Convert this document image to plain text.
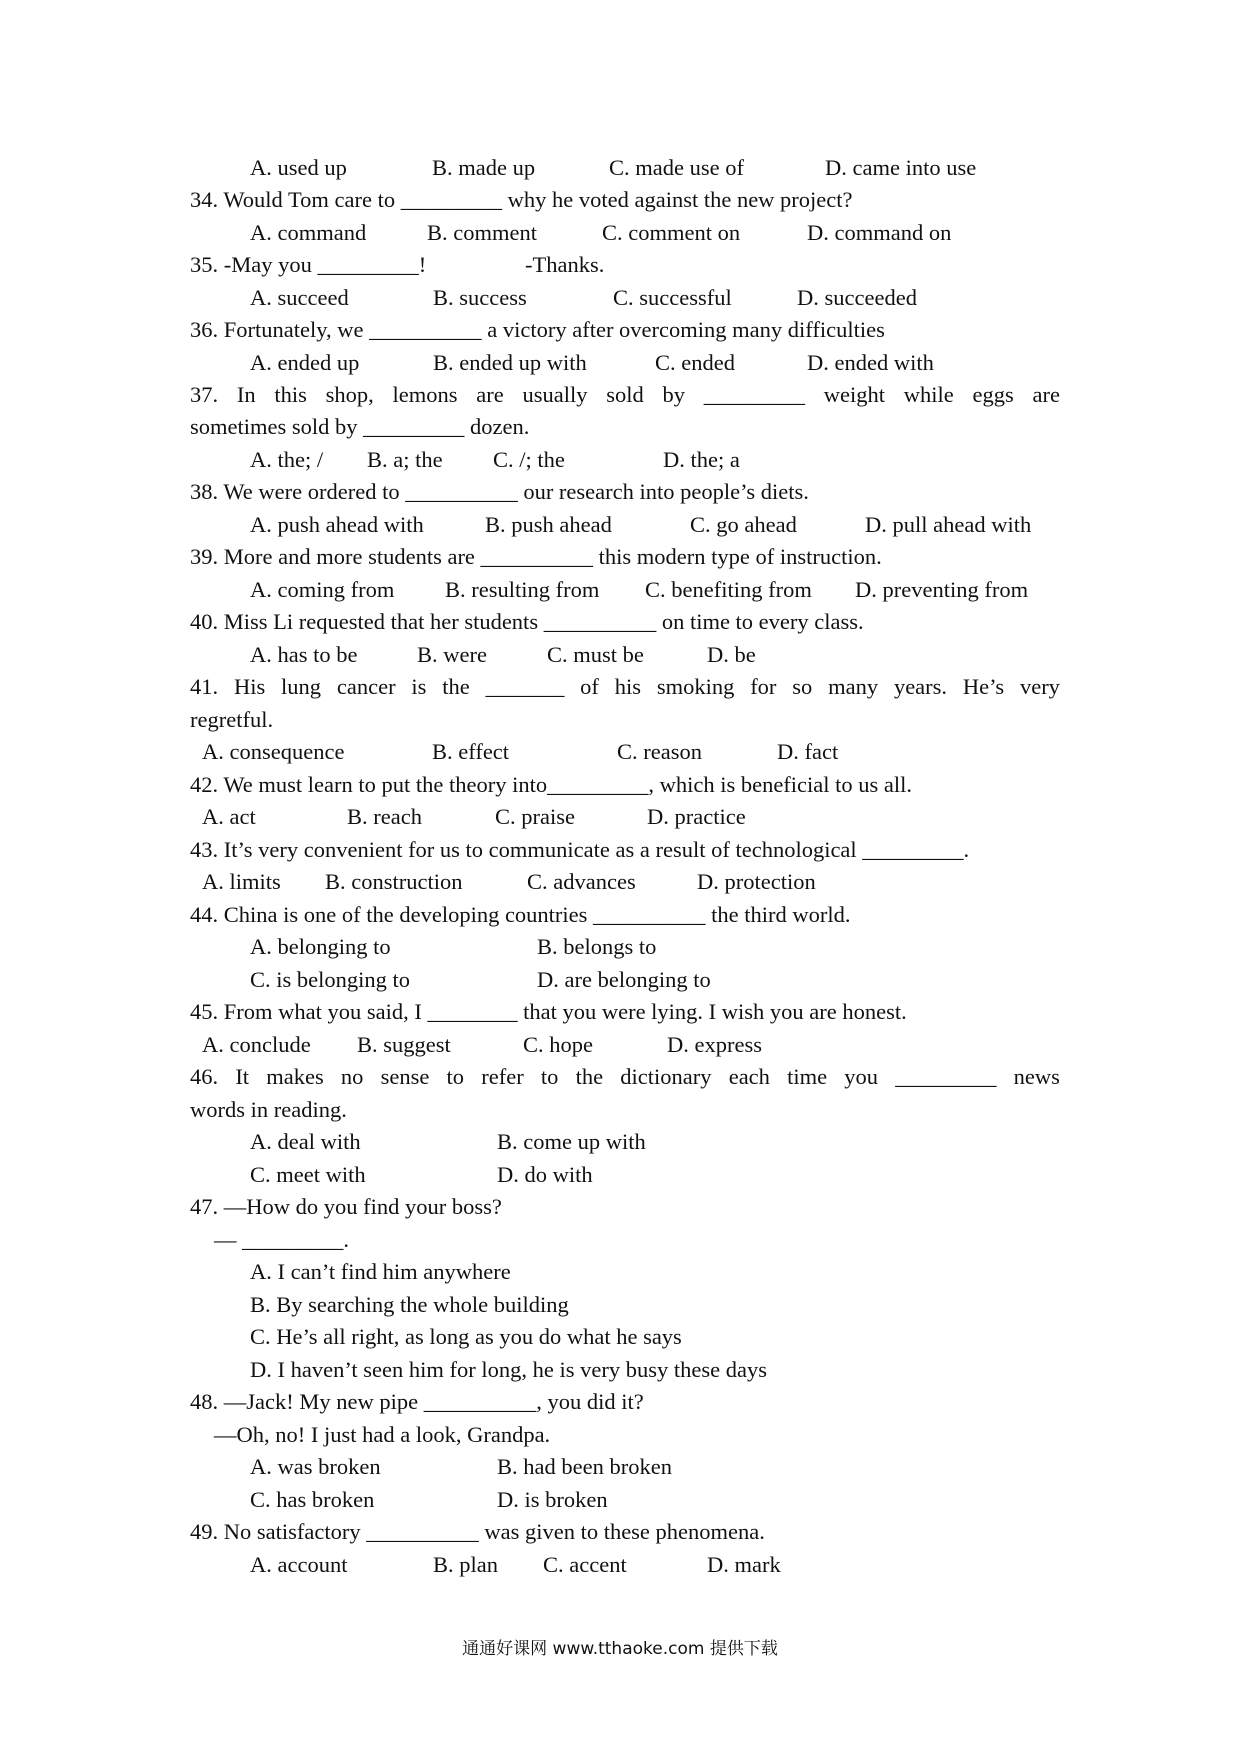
A. used up	B. made up	C. made use of	D. came into use
34. Would Tom care to _________ why he voted against the new project?
A. command	B. comment	C. comment on	D. command on
35. -May you _________!	-Thanks.
A. succeed	B. success	C. successful	D. succeeded
36. Fortunately, we __________ a victory after overcoming many difficulties
A. ended up	B. ended up with	C. ended	D. ended with
37. In this shop, lemons are usually sold by _________ weight while eggs are
sometimes sold by _________ dozen.
A. the; / B. a; the C. /; the	D. the; a
38. We were ordered to __________ our research into people’s diets.
A. push ahead with	B. push ahead	C. go ahead	D. pull ahead with
39. More and more students are __________ this modern type of instruction.
A. coming from B. resulting from C. benefiting from D. preventing from
40. Miss Li requested that her students __________ on time to every class.
A. has to be	B. were	C. must be	D. be
41. His lung cancer is the _______ of his smoking for so many years. He’s very
regretful.
A. consequence	B. effect	C. reason	D. fact
42. We must learn to put the theory into_________, which is beneficial to us all.
A. act	B. reach	C. praise	D. practice
43. It’s very convenient for us to communicate as a result of technological _________.
A. limits B. construction	C. advances	D. protection
44. China is one of the developing countries __________ the third world.
A. belonging to	B. belongs to
C. is belonging to	D. are belonging to
45. From what you said, I ________ that you were lying. I wish you are honest.
A. conclude B. suggest	C. hope	D. express
46. It makes no sense to refer to the dictionary each time you _________ news
words in reading.
A. deal with	B. come up with
C. meet with	D. do with
47. —How do you find your boss?
— _________.
A. I can’t find him anywhere
B. By searching the whole building
C. He’s all right, as long as you do what he says
D. I haven’t seen him for long, he is very busy these days
48. —Jack! My new pipe __________, you did it?
—Oh, no! I just had a look, Grandpa.
A. was broken	B. had been broken
C. has broken	D. is broken
49. No satisfactory __________ was given to these phenomena.
A. account	B. plan C. accent	D. mark
通通好课网 www.tthaoke.com 提供下载
